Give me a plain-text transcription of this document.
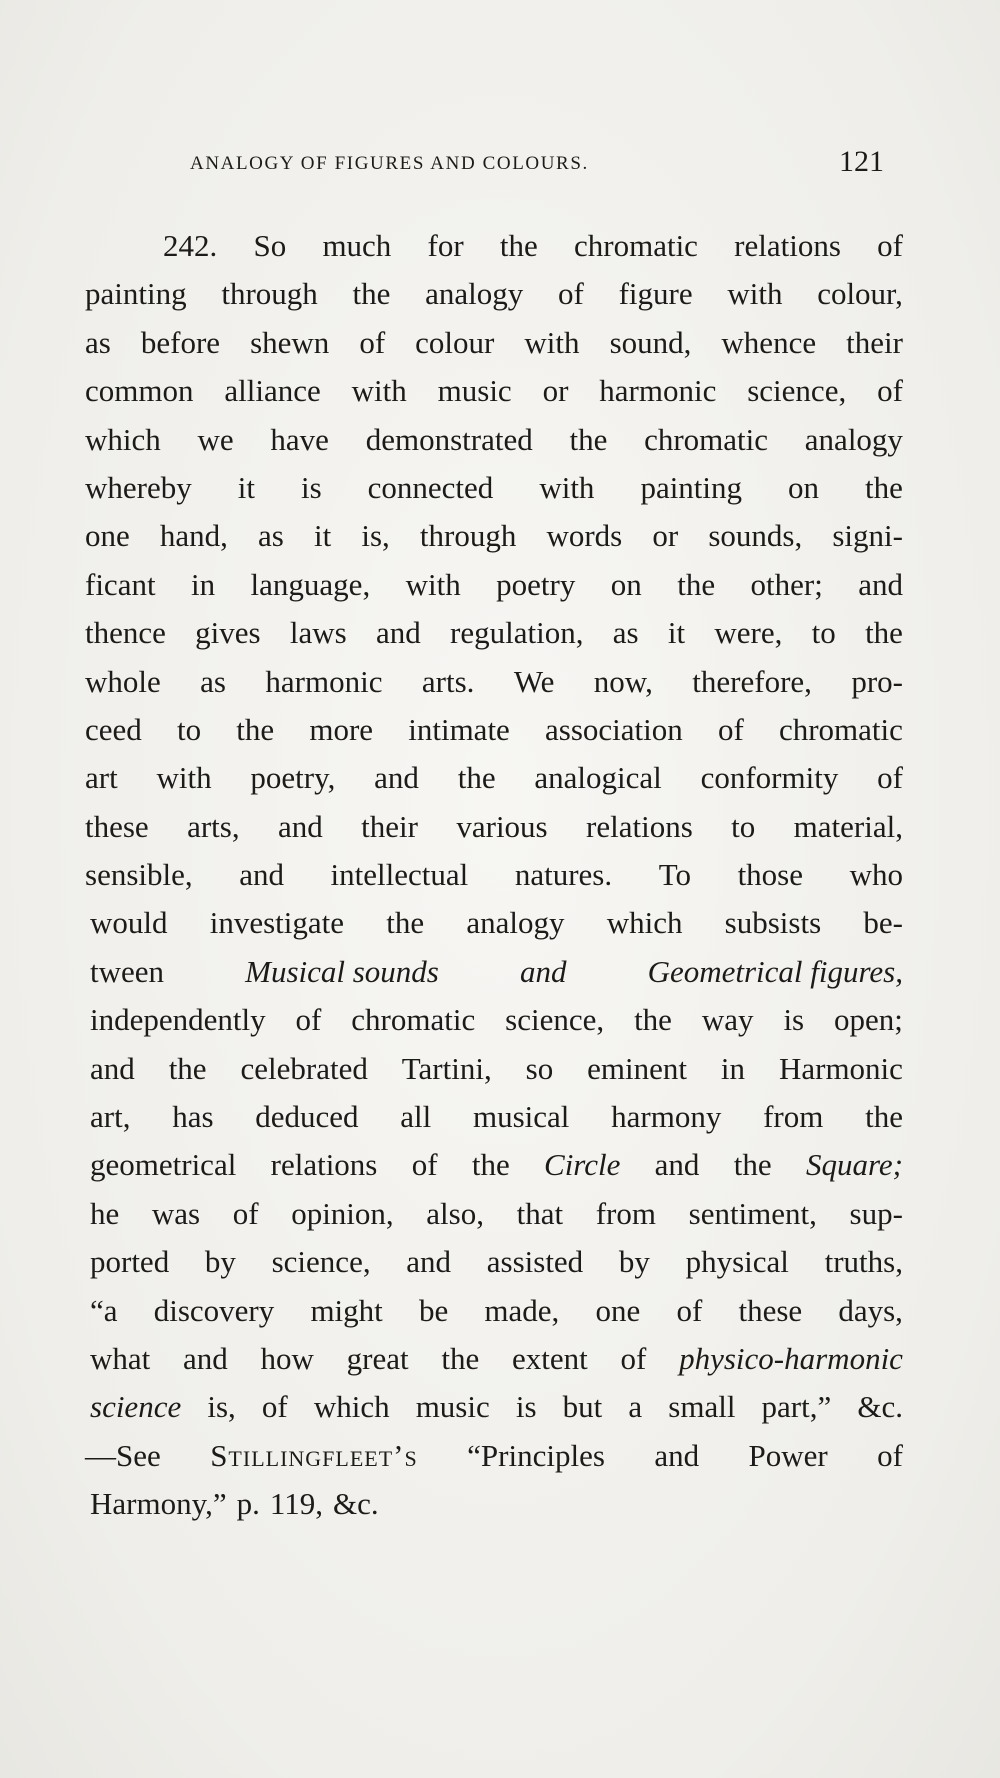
ANALOGY OF FIGURES AND COLOURS.	121
242. So much for the chromatic relations of
painting through the analogy of figure with colour,
as before shewn of colour with sound, whence their
common alliance with music or harmonic science, of
which we have demonstrated the chromatic analogy
whereby it is connected with painting on the
one hand, as it is, through words or sounds, signi-
ficant in language, with poetry on the other; and
thence gives laws and regulation, as it were, to the
whole as harmonic arts. We now, therefore, pro-
ceed to the more intimate association of chromatic
art with poetry, and the analogical conformity of
these arts, and their various relations to material,
sensible, and intellectual natures. To those who
would investigate the analogy which subsists be-
tween	Musical sounds	and	Geometrical figures,
independently of chromatic science, the way is open;
and the celebrated Tartini, so eminent in Harmonic
art, has deduced all musical harmony from the
geometrical relations of the Circle and the Square;
he was of opinion, also, that from sentiment, sup-
ported by science, and assisted by physical truths,
“a discovery might be made, one of these days,
what and how great the extent of physico-harmonic
science is, of which music is but a small part,” &c.
—See Stillingfleet’s “Principles and Power of
Harmony,” p. 119, &c.
